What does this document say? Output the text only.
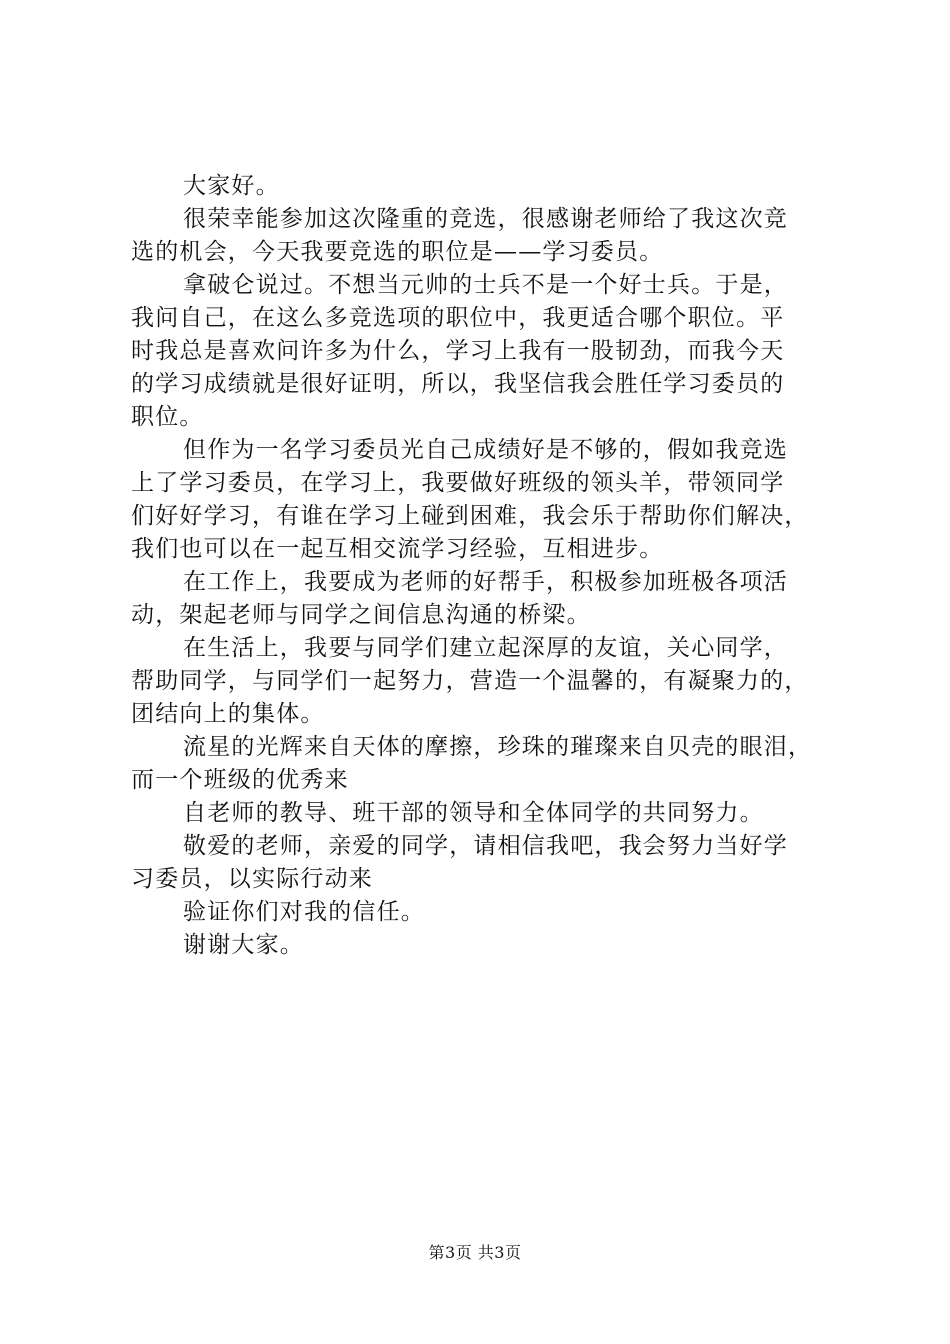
大家好。
很荣幸能参加这次隆重的竞选，很感谢老师给了我这次竞
选的机会，今天我要竞选的职位是——学习委员。
拿破仑说过。不想当元帅的士兵不是一个好士兵。于是，
我问自己，在这么多竞选项的职位中，我更适合哪个职位。平
时我总是喜欢问许多为什么，学习上我有一股韧劲，而我今天
的学习成绩就是很好证明，所以，我坚信我会胜任学习委员的
职位。
但作为一名学习委员光自己成绩好是不够的，假如我竞选
上了学习委员，在学习上，我要做好班级的领头羊，带领同学
们好好学习，有谁在学习上碰到困难，我会乐于帮助你们解决，
我们也可以在一起互相交流学习经验，互相进步。
在工作上，我要成为老师的好帮手，积极参加班极各项活
动，架起老师与同学之间信息沟通的桥梁。
在生活上，我要与同学们建立起深厚的友谊，关心同学，
帮助同学，与同学们一起努力，营造一个温馨的，有凝聚力的，
团结向上的集体。
流星的光辉来自天体的摩擦，珍珠的璀璨来自贝壳的眼泪，
而一个班级的优秀来
自老师的教导、班干部的领导和全体同学的共同努力。
敬爱的老师，亲爱的同学，请相信我吧，我会努力当好学
习委员，以实际行动来
验证你们对我的信任。
谢谢大家。
第3页 共3页
